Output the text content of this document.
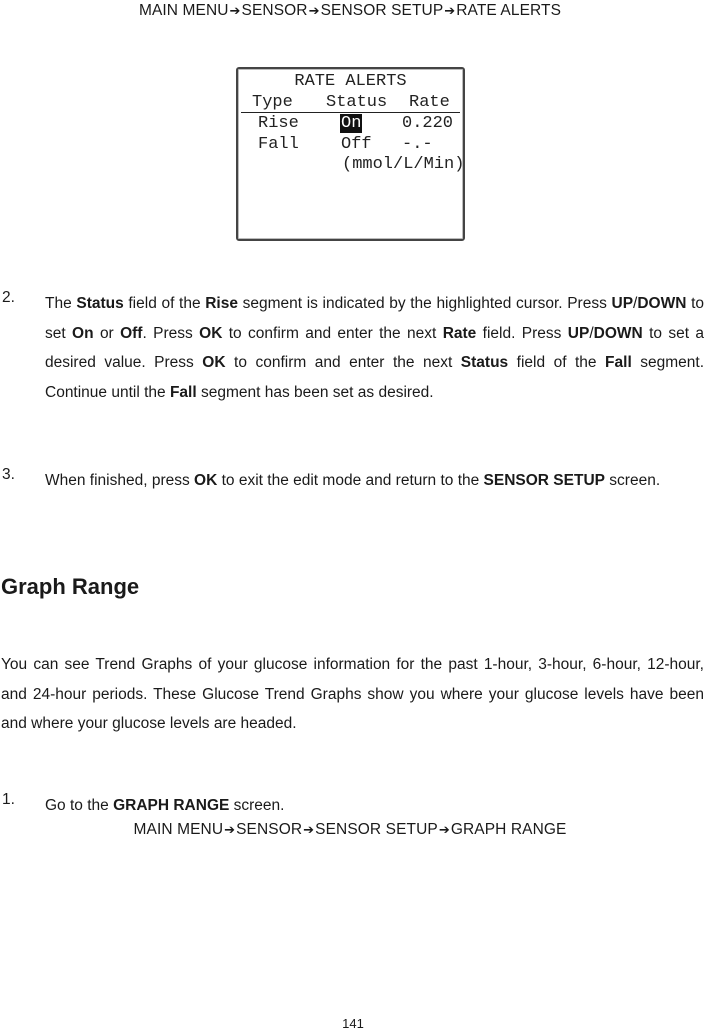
MAIN MENU➔SENSOR➔SENSOR SETUP➔RATE ALERTS
RATE ALERTS
Type Status Rate
Rise On 0.220
Fall Off -.-
(mmol/L/Min)
2. The Status field of the Rise segment is indicated by the highlighted cursor. Press UP/DOWN to set On or Off. Press OK to confirm and enter the next Rate field. Press UP/DOWN to set a desired value. Press OK to confirm and enter the next Status field of the Fall segment. Continue until the Fall segment has been set as desired.
3. When finished, press OK to exit the edit mode and return to the SENSOR SETUP screen.
Graph Range
You can see Trend Graphs of your glucose information for the past 1-hour, 3-hour, 6-hour, 12-hour, and 24-hour periods. These Glucose Trend Graphs show you where your glucose levels have been and where your glucose levels are headed.
1. Go to the GRAPH RANGE screen.
MAIN MENU➔SENSOR➔SENSOR SETUP➔GRAPH RANGE
141
